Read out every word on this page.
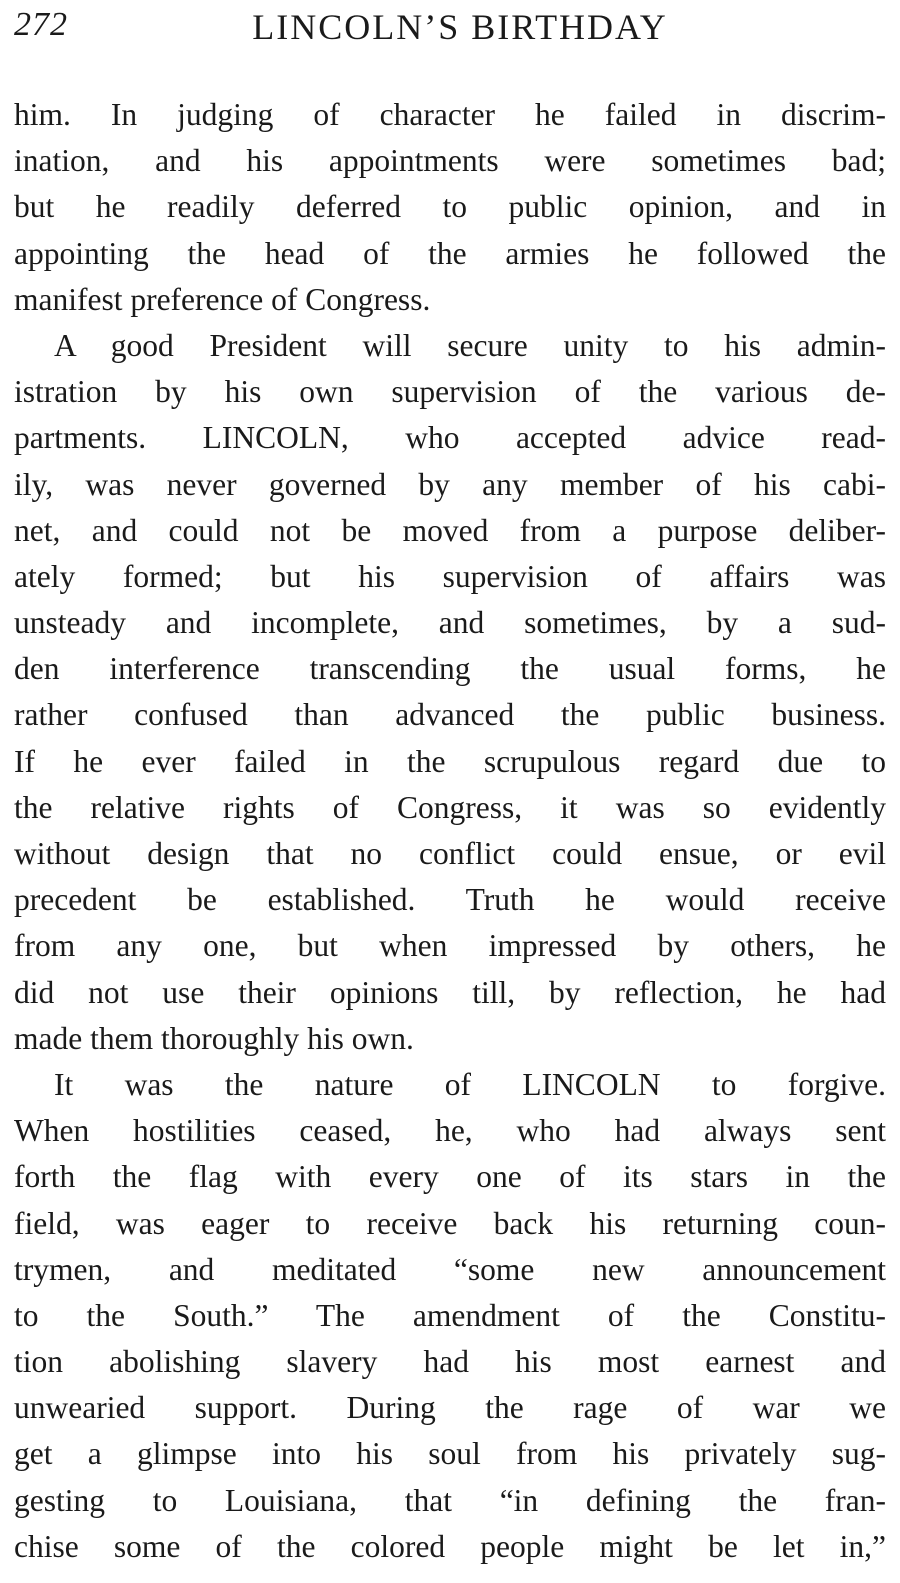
272	LINCOLN’S BIRTHDAY
him. In judging of character he failed in discrim-
ination, and his appointments were sometimes bad;
but he readily deferred to public opinion, and in
appointing the head of the armies he followed the
manifest preference of Congress.
A good President will secure unity to his admin-
istration by his own supervision of the various de-
partments. LINCOLN, who accepted advice read-
ily, was never governed by any member of his cabi-
net, and could not be moved from a purpose deliber-
ately formed; but his supervision of affairs was
unsteady and incomplete, and sometimes, by a sud-
den interference transcending the usual forms, he
rather confused than advanced the public business.
If he ever failed in the scrupulous regard due to
the relative rights of Congress, it was so evidently
without design that no conflict could ensue, or evil
precedent be established. Truth he would receive
from any one, but when impressed by others, he
did not use their opinions till, by reflection, he had
made them thoroughly his own.
It was the nature of LINCOLN to forgive.
When hostilities ceased, he, who had always sent
forth the flag with every one of its stars in the
field, was eager to receive back his returning coun-
trymen, and meditated “some new announcement
to the South.” The amendment of the Constitu-
tion abolishing slavery had his most earnest and
unwearied support. During the rage of war we
get a glimpse into his soul from his privately sug-
gesting to Louisiana, that “in defining the fran-
chise some of the colored people might be let in,”
